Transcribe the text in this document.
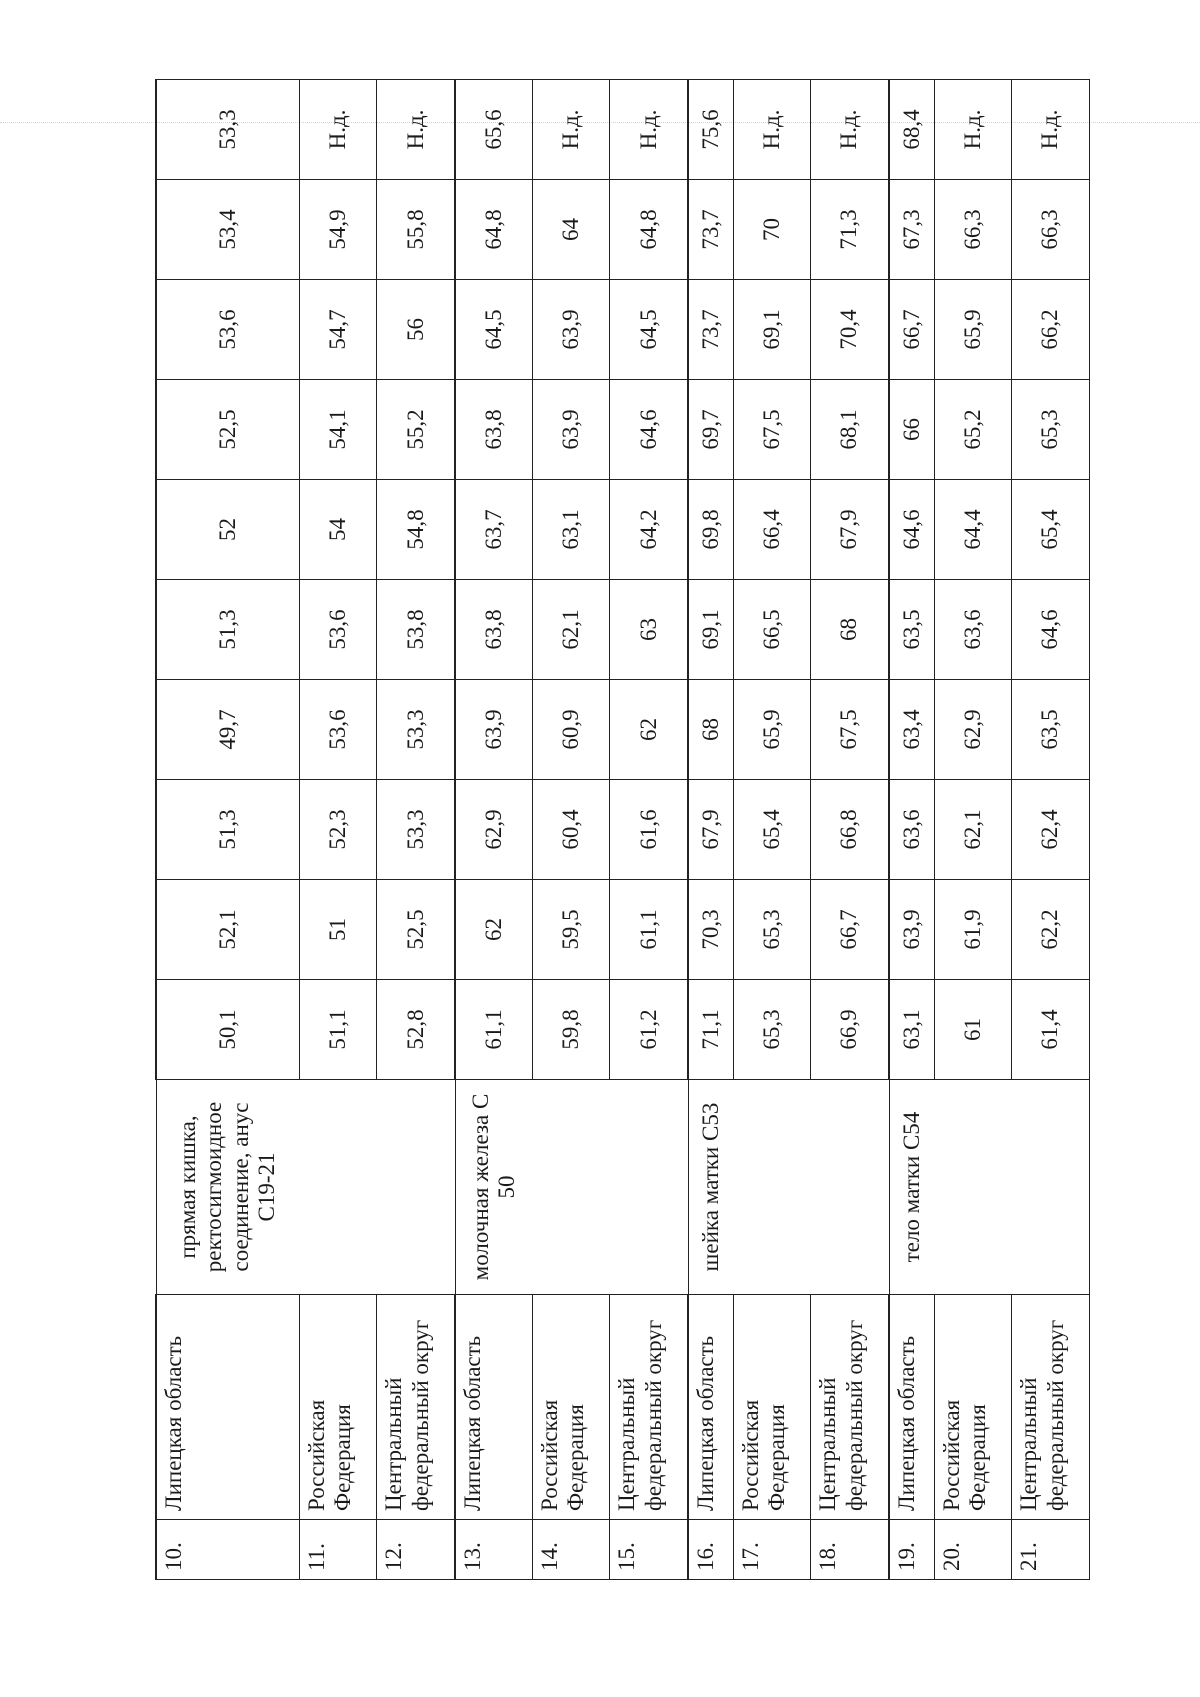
10.	Липецкая область	прямая кишка, ректосигмоидное соединение, анус С19-21	50,1	52,1	51,3	49,7	51,3	52	52,5	53,6	53,4	53,3
11.	Российская Федерация		51,1	51	52,3	53,6	53,6	54	54,1	54,7	54,9	Н.д.
12.	Центральный федеральный округ		52,8	52,5	53,3	53,3	53,8	54,8	55,2	56	55,8	Н.д.
13.	Липецкая область	молочная железа С 50	61,1	62	62,9	63,9	63,8	63,7	63,8	64,5	64,8	65,6
14.	Российская Федерация		59,8	59,5	60,4	60,9	62,1	63,1	63,9	63,9	64	Н.д.
15.	Центральный федеральный округ		61,2	61,1	61,6	62	63	64,2	64,6	64,5	64,8	Н.д.
16.	Липецкая область	шейка матки С53	71,1	70,3	67,9	68	69,1	69,8	69,7	73,7	73,7	75,6
17.	Российская Федерация		65,3	65,3	65,4	65,9	66,5	66,4	67,5	69,1	70	Н.д.
18.	Центральный федеральный округ		66,9	66,7	66,8	67,5	68	67,9	68,1	70,4	71,3	Н.д.
19.	Липецкая область	тело матки С54	63,1	63,9	63,6	63,4	63,5	64,6	66	66,7	67,3	68,4
20.	Российская Федерация		61	61,9	62,1	62,9	63,6	64,4	65,2	65,9	66,3	Н.д.
21.	Центральный федеральный округ		61,4	62,2	62,4	63,5	64,6	65,4	65,3	66,2	66,3	Н.д.
